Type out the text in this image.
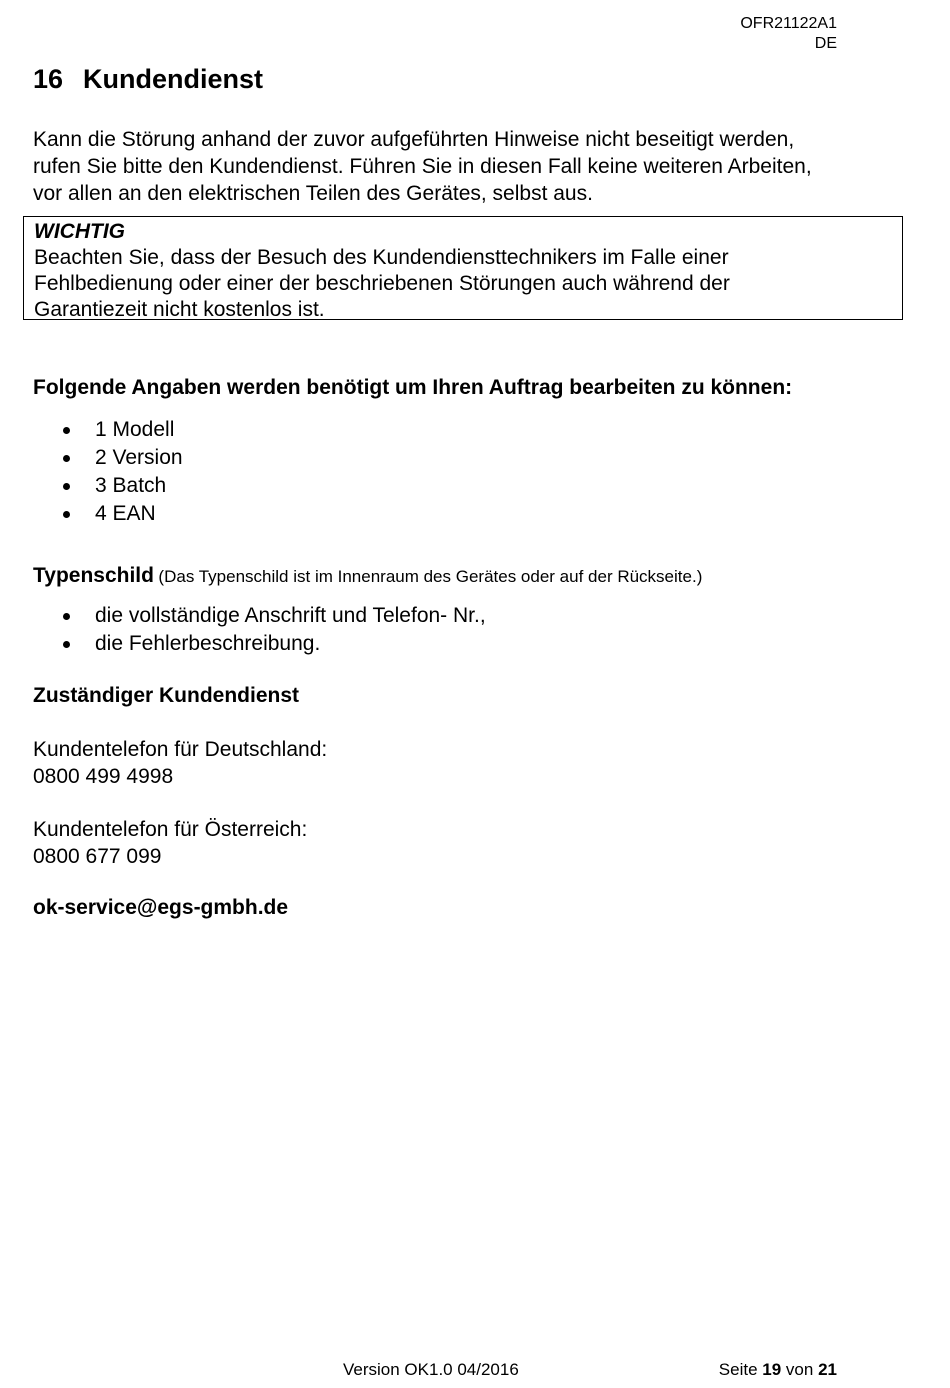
OFR21122A1
DE
16 Kundendienst

Kann die Störung anhand der zuvor aufgeführten Hinweise nicht beseitigt werden,
rufen Sie bitte den Kundendienst. Führen Sie in diesen Fall keine weiteren Arbeiten,
vor allen an den elektrischen Teilen des Gerätes, selbst aus.

WICHTIG

Beachten Sie, dass der Besuch des Kundendiensttechnikers im Falle einer
Fehlbedienung oder einer der beschriebenen Störungen auch während der
Garantiezeit nicht kostenlos ist.

Folgende Angaben werden benötigt um Ihren Auftrag bearbeiten zu können:
1 Modell
2 Version
3 Batch
4 EAN

Typenschild (Das Typenschild ist im Innenraum des Gerätes oder auf der Rückseite.)

die vollständige Anschrift und Telefon- Nr.,
die Fehlerbeschreibung.
Zuständiger Kundendienst

Kundentelefon für Deutschland:
0800 499 4998

Kundentelefon für Österreich:
0800 677 099

ok-service@egs-gmbh.de

Version OK1.0 04/2016	Seite 19 von 21
